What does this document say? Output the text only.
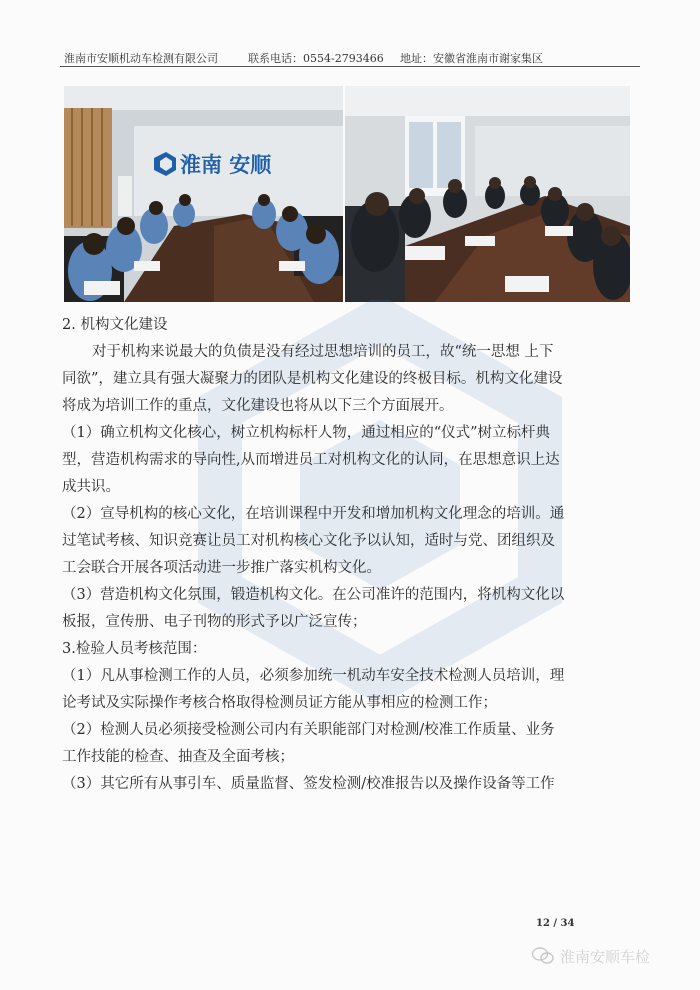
淮南市安顺机动车检测有限公司	联系电话：0554-2793466 地址：安徽省淮南市谢家集区
淮南 安顺

2. 机构文化建设

对于机构来说最大的负债是没有经过思想培训的员工，故“统一思想 上下

同欲”，建立具有强大凝聚力的团队是机构文化建设的终极目标。机构文化建设

将成为培训工作的重点，文化建设也将从以下三个方面展开。

（1）确立机构文化核心，树立机构标杆人物，通过相应的“仪式”树立标杆典

型，营造机构需求的导向性,从而增进员工对机构文化的认同，在思想意识上达

成共识。

（2）宣导机构的核心文化，在培训课程中开发和增加机构文化理念的培训。通

过笔试考核、知识竞赛让员工对机构核心文化予以认知，适时与党、团组织及

工会联合开展各项活动进一步推广落实机构文化。

（3）营造机构文化氛围，锻造机构文化。在公司准许的范围内，将机构文化以

板报，宣传册、电子刊物的形式予以广泛宣传；

3.检验人员考核范围：

（1）凡从事检测工作的人员，必须参加统一机动车安全技术检测人员培训，理

论考试及实际操作考核合格取得检测员证方能从事相应的检测工作；

（2）检测人员必须接受检测公司内有关职能部门对检测/校准工作质量、业务

工作技能的检查、抽查及全面考核；

（3）其它所有从事引车、质量监督、签发检测/校准报告以及操作设备等工作

12 / 34
淮南安顺车检
